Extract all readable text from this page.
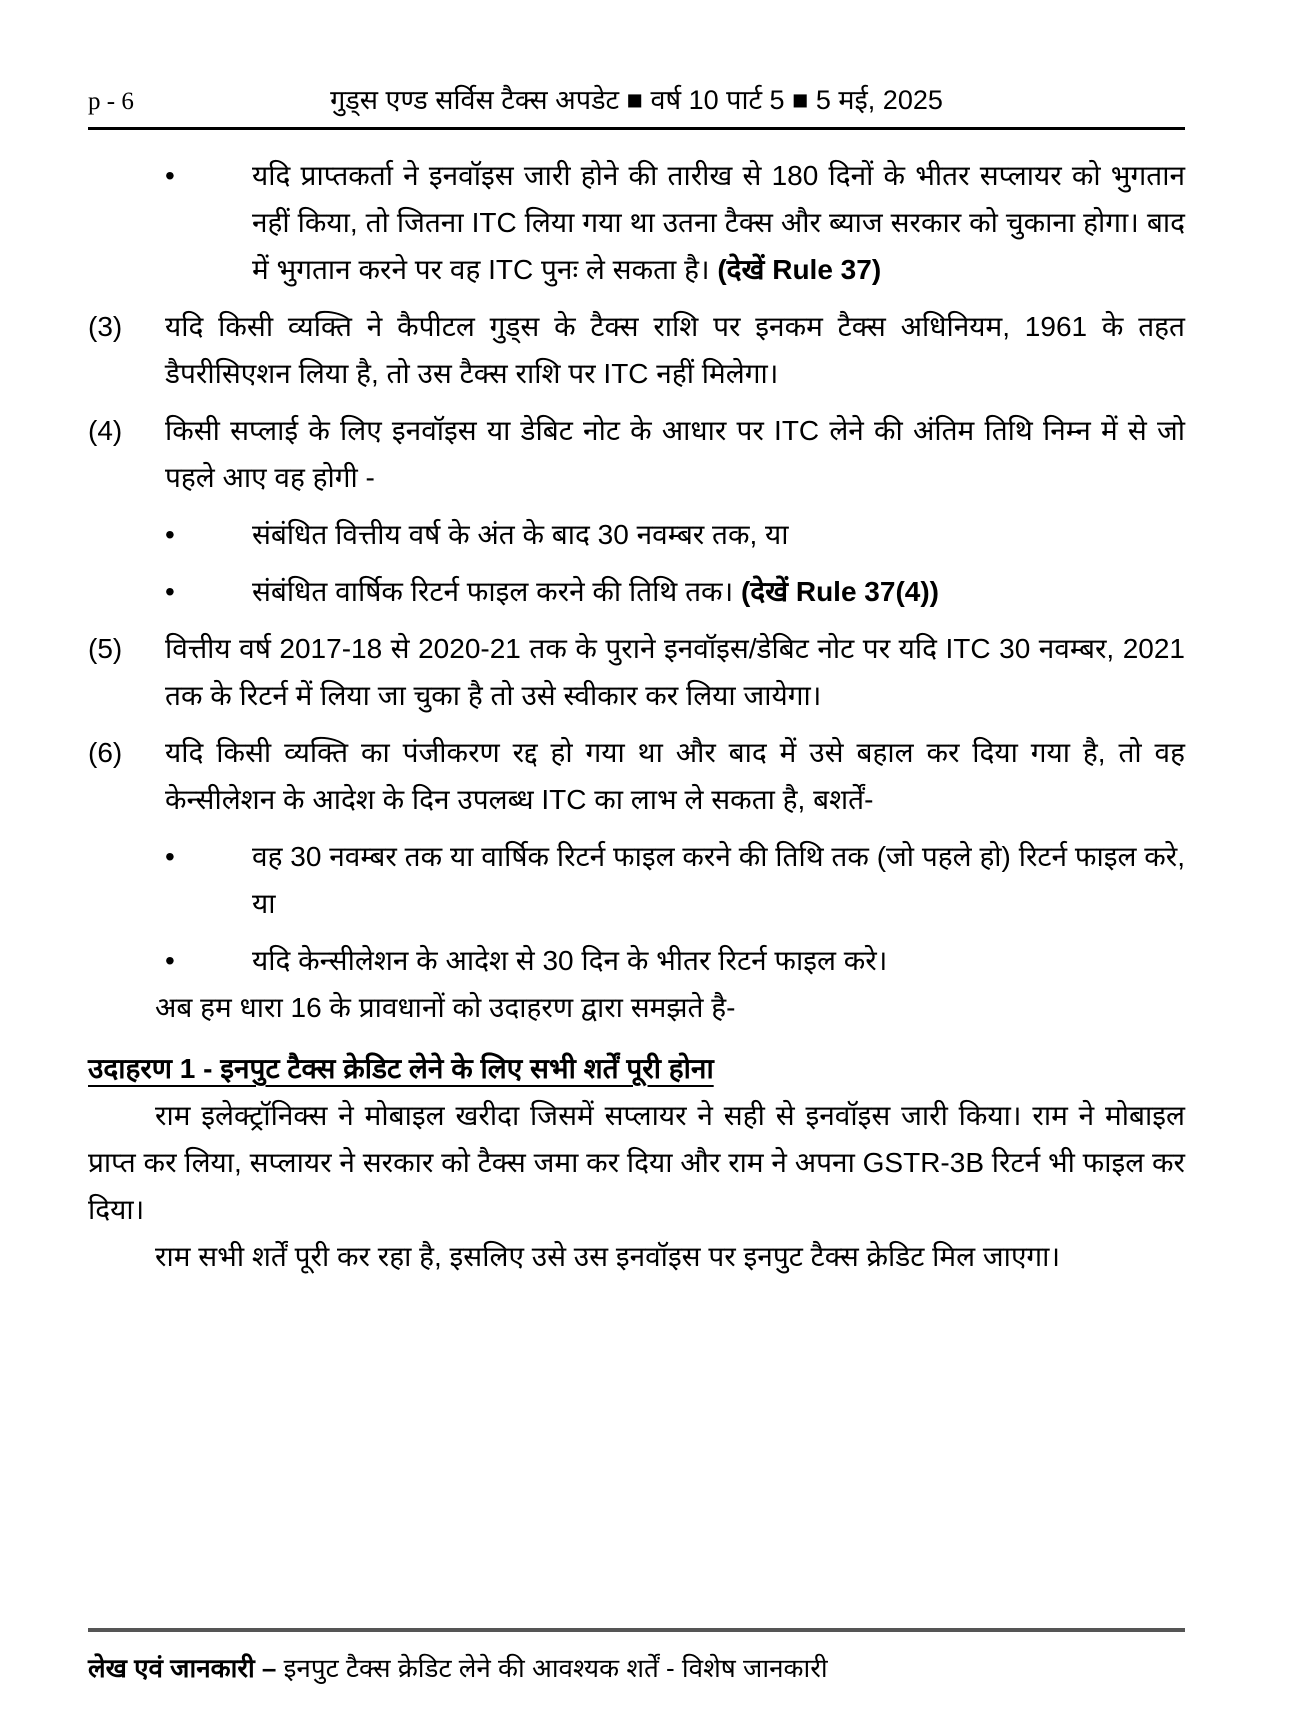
p - 6	गुड्स एण्ड सर्विस टैक्स अपडेट ■ वर्ष 10 पार्ट 5 ■ 5 मई, 2025
•	यदि प्राप्तकर्ता ने इनवॉइस जारी होने की तारीख से 180 दिनों के भीतर सप्लायर को भुगतान नहीं किया, तो जितना ITC लिया गया था उतना टैक्स और ब्याज सरकार को चुकाना होगा। बाद में भुगतान करने पर वह ITC पुनः ले सकता है। (देखें Rule 37)

(3)	यदि किसी व्यक्ति ने कैपीटल गुड्स के टैक्स राशि पर इनकम टैक्स अधिनियम, 1961 के तहत डैपरीसिएशन लिया है, तो उस टैक्स राशि पर ITC नहीं मिलेगा।

(4)	किसी सप्लाई के लिए इनवॉइस या डेबिट नोट के आधार पर ITC लेने की अंतिम तिथि निम्न में से जो पहले आए वह होगी -

•	संबंधित वित्तीय वर्ष के अंत के बाद 30 नवम्बर तक, या

•	संबंधित वार्षिक रिटर्न फाइल करने की तिथि तक। (देखें Rule 37(4))

(5)	वित्तीय वर्ष 2017-18 से 2020-21 तक के पुराने इनवॉइस/डेबिट नोट पर यदि ITC 30 नवम्बर, 2021 तक के रिटर्न में लिया जा चुका है तो उसे स्वीकार कर लिया जायेगा।

(6)	यदि किसी व्यक्ति का पंजीकरण रद्द हो गया था और बाद में उसे बहाल कर दिया गया है, तो वह केन्सीलेशन के आदेश के दिन उपलब्ध ITC का लाभ ले सकता है, बशर्तें-

•	वह 30 नवम्बर तक या वार्षिक रिटर्न फाइल करने की तिथि तक (जो पहले हो) रिटर्न फाइल करे, या

•	यदि केन्सीलेशन के आदेश से 30 दिन के भीतर रिटर्न फाइल करे।

अब हम धारा 16 के प्रावधानों को उदाहरण द्वारा समझते है-

उदाहरण 1 - इनपुट टैक्स क्रेडिट लेने के लिए सभी शर्तें पूरी होना

राम इलेक्ट्रॉनिक्स ने मोबाइल खरीदा जिसमें सप्लायर ने सही से इनवॉइस जारी किया। राम ने मोबाइल प्राप्त कर लिया, सप्लायर ने सरकार को टैक्स जमा कर दिया और राम ने अपना GSTR-3B रिटर्न भी फाइल कर दिया।

राम सभी शर्तें पूरी कर रहा है, इसलिए उसे उस इनवॉइस पर इनपुट टैक्स क्रेडिट मिल जाएगा।

लेख एवं जानकारी – इनपुट टैक्स क्रेडिट लेने की आवश्यक शर्तें - विशेष जानकारी
